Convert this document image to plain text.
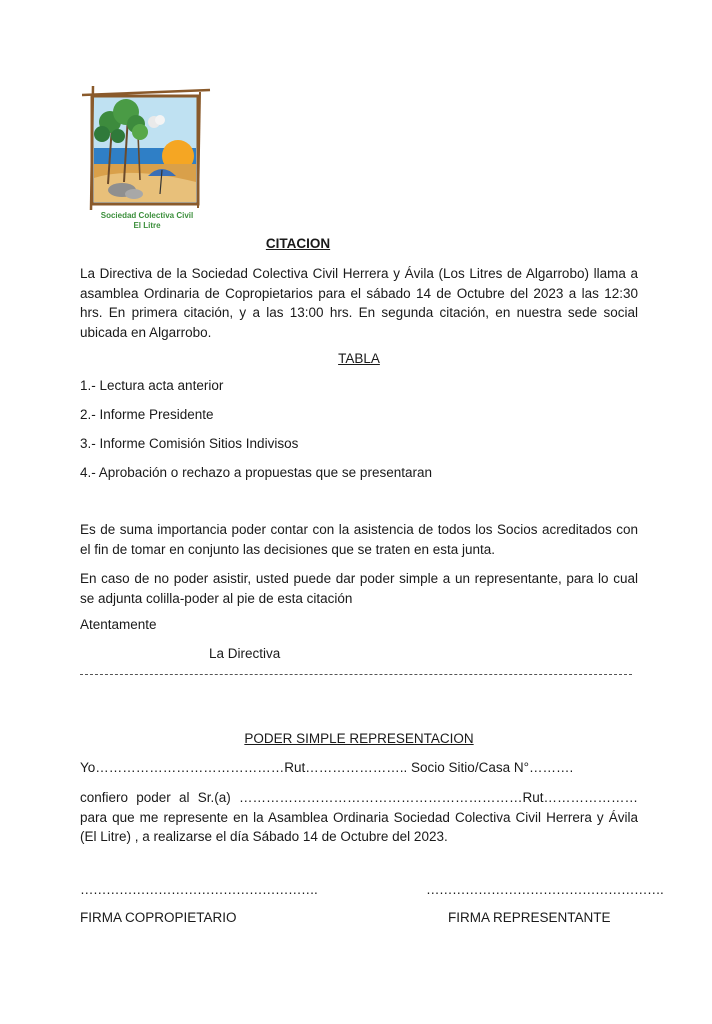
Sociedad Colectiva Civil
El Litre
CITACION
La Directiva de la Sociedad Colectiva Civil Herrera y Ávila (Los Litres de Algarrobo) llama a asamblea Ordinaria de Copropietarios para el sábado 14 de Octubre del 2023 a las 12:30 hrs. En primera citación, y a las 13:00 hrs. En segunda citación, en nuestra sede social ubicada en Algarrobo.
TABLA
1.- Lectura acta anterior
2.- Informe Presidente
3.- Informe Comisión Sitios Indivisos
4.- Aprobación o rechazo a propuestas que se presentaran
Es de suma importancia poder contar con la asistencia de todos los Socios acreditados con el fin de tomar en conjunto las decisiones que se traten en esta junta.
En caso de no poder asistir, usted puede dar poder simple a un representante, para lo cual se adjunta colilla-poder al pie de esta citación
Atentamente
La Directiva
PODER SIMPLE REPRESENTACION
Yo……………………………………Rut………………….. Socio Sitio/Casa N°……….
confiero poder al Sr.(a) ………………………………………………………Rut…………………para que me represente en la Asamblea Ordinaria Sociedad Colectiva Civil Herrera y Ávila (El Litre) , a realizarse el día Sábado 14 de Octubre del 2023.
……………………………………………….	……………………………………………….
FIRMA COPROPIETARIO	FIRMA REPRESENTANTE
